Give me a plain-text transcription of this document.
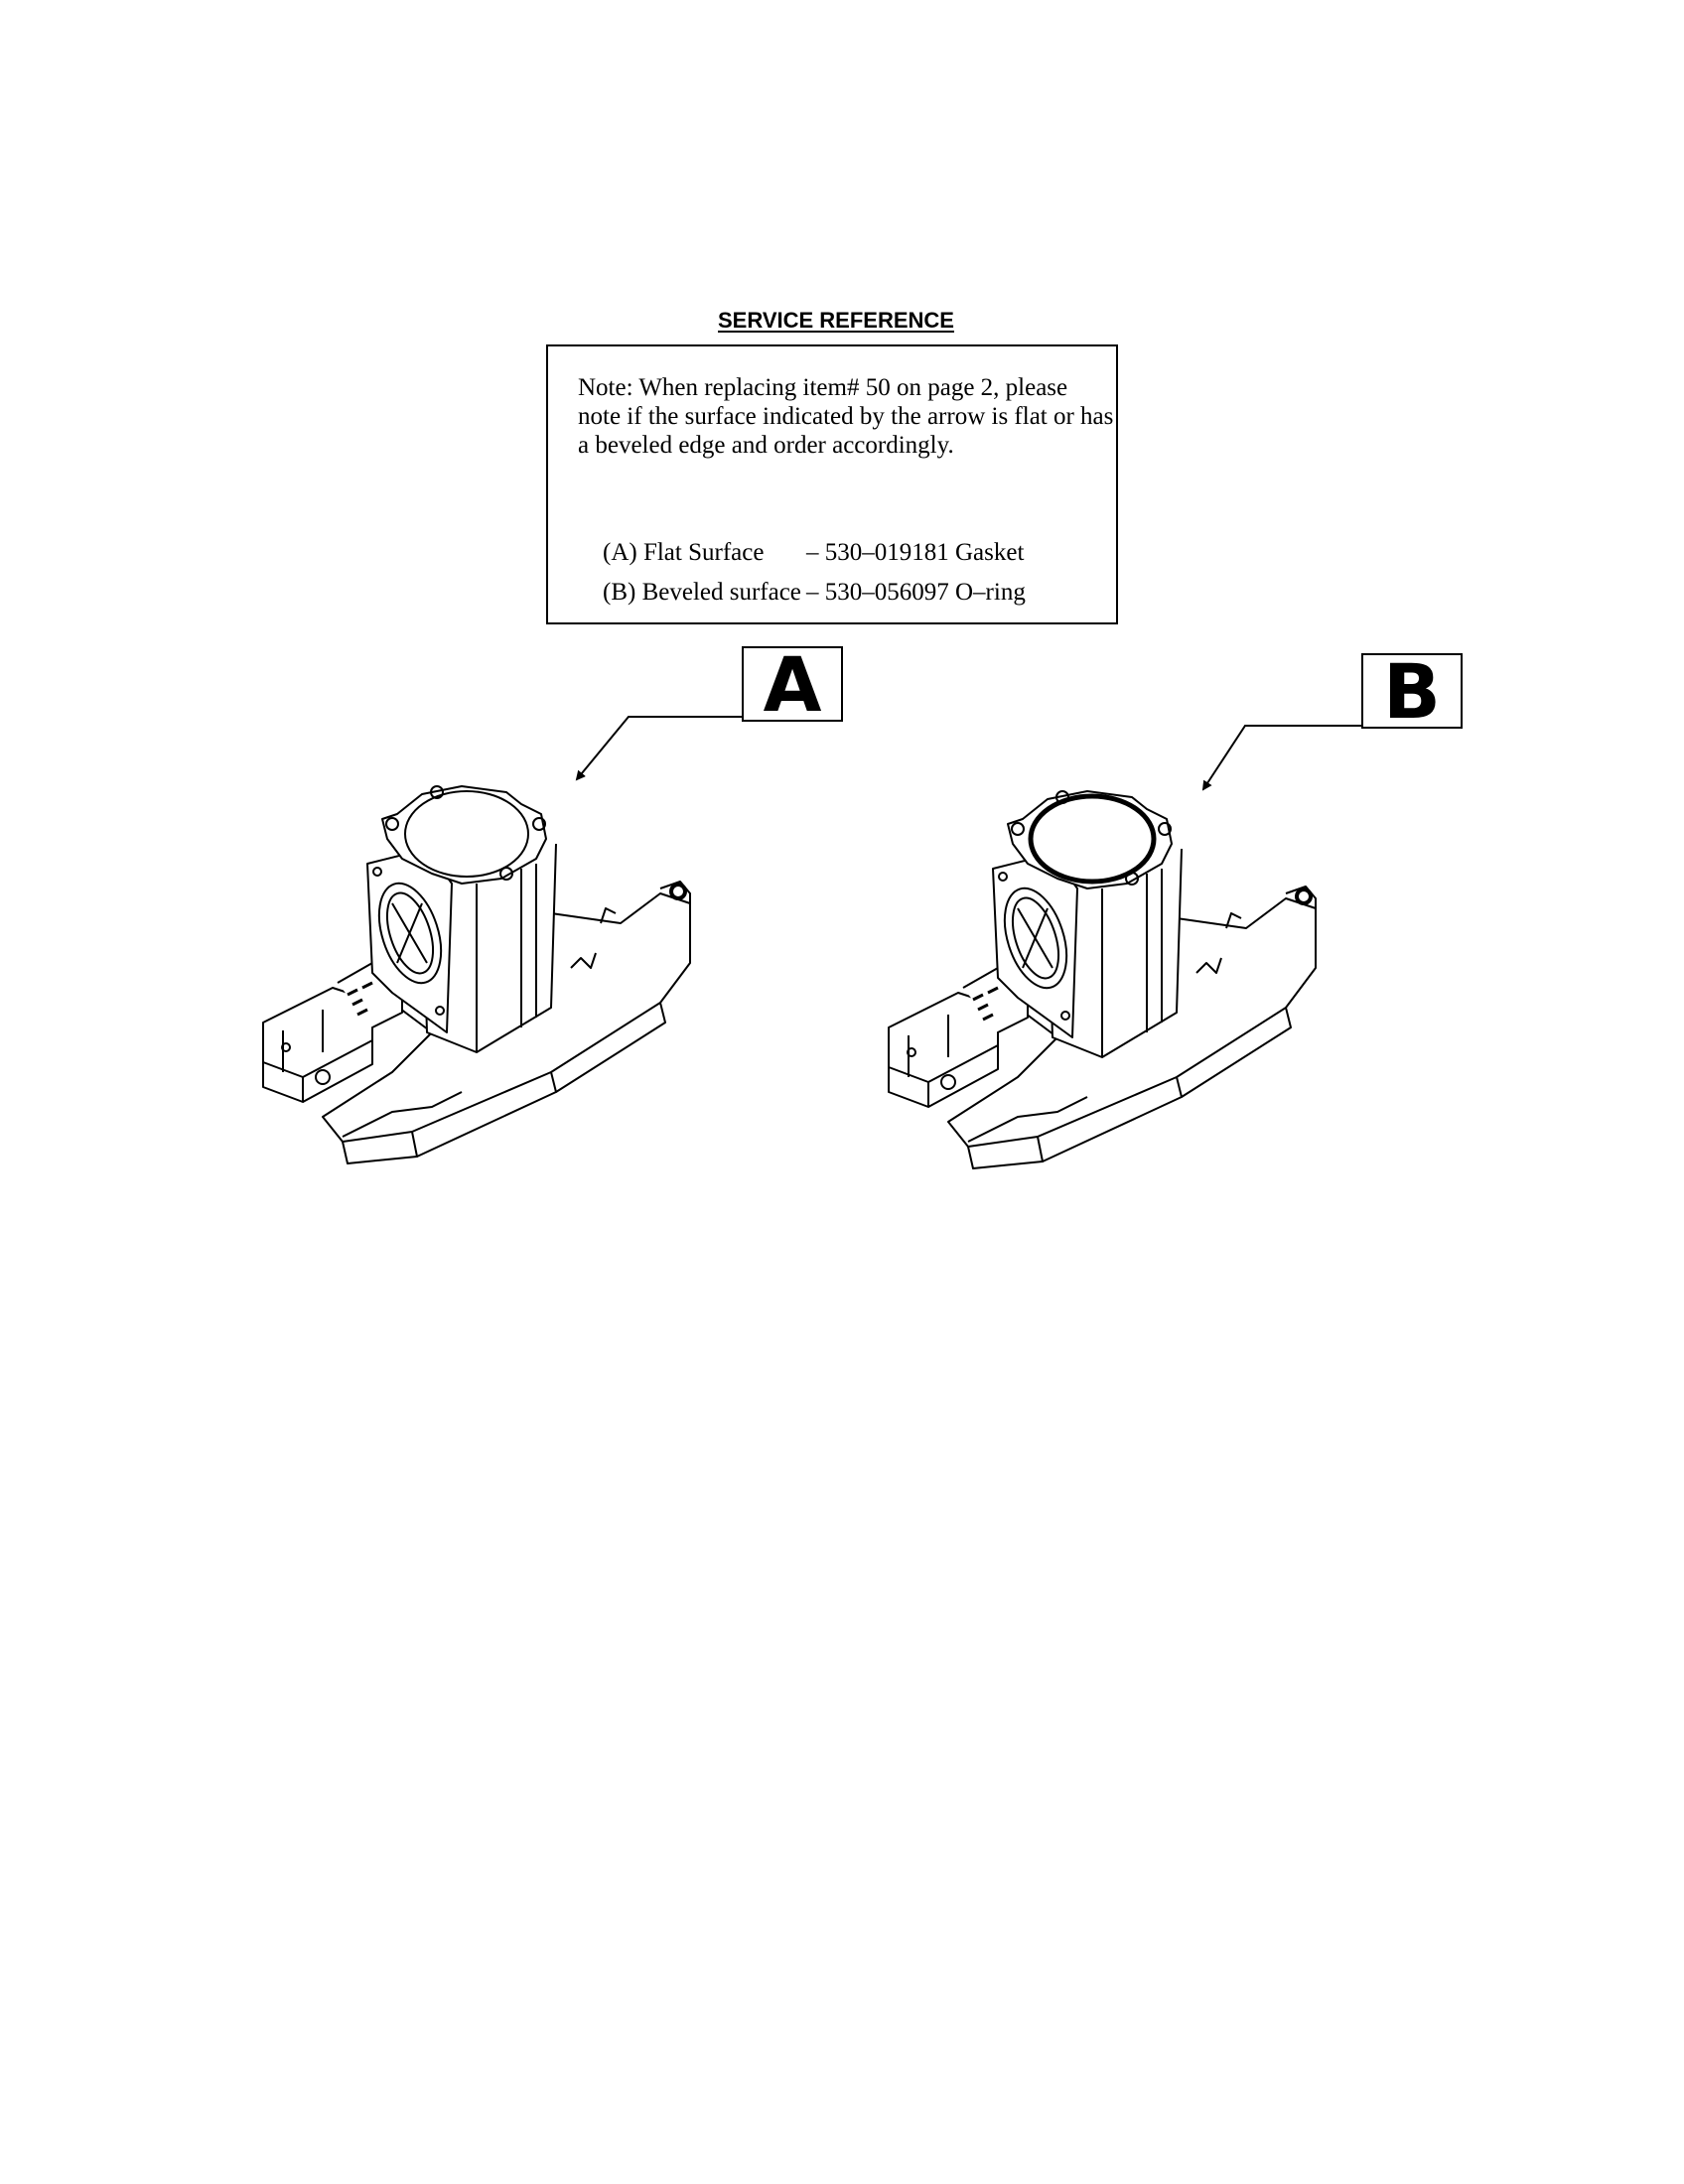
SERVICE REFERENCE
Note: When replacing item# 50 on page 2, please note if the surface indicated by the arrow is flat or has a beveled edge and order accordingly.

(A) Flat Surface – 530–019181 Gasket

(B) Beveled surface – 530–056097 O–ring

A	B
